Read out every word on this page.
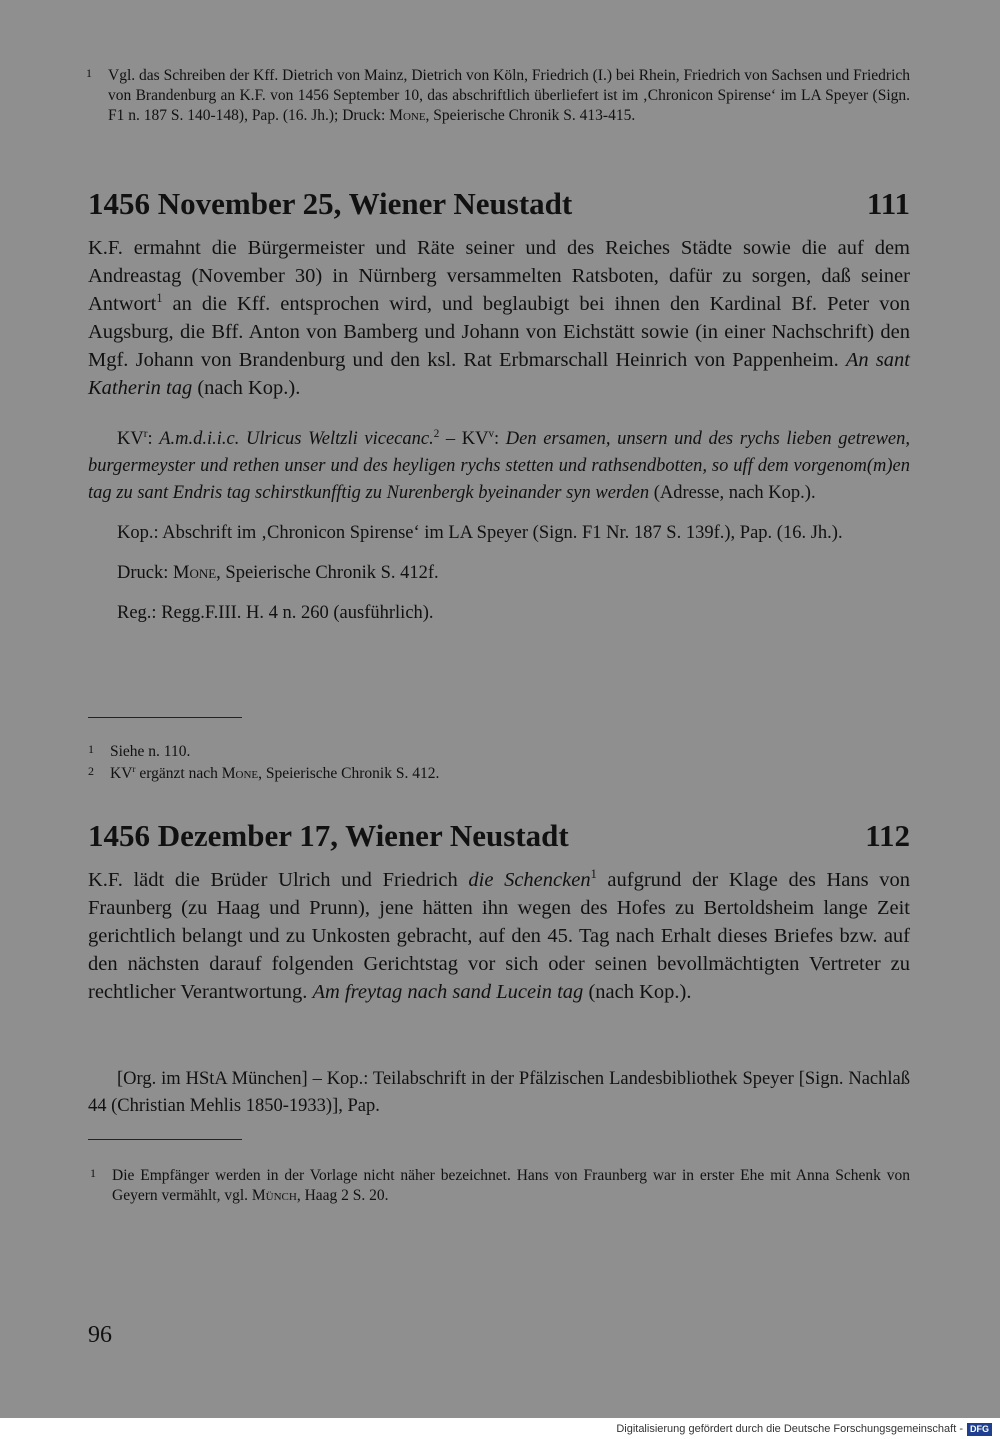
1 Vgl. das Schreiben der Kff. Dietrich von Mainz, Dietrich von Köln, Friedrich (I.) bei Rhein, Friedrich von Sachsen und Friedrich von Brandenburg an K.F. von 1456 September 10, das abschriftlich überliefert ist im ‚Chronicon Spirense‘ im LA Speyer (Sign. F1 n. 187 S. 140-148), Pap. (16. Jh.); Druck: Mone, Speierische Chronik S. 413-415.
1456 November 25, Wiener Neustadt	111
K.F. ermahnt die Bürgermeister und Räte seiner und des Reiches Städte sowie die auf dem Andreastag (November 30) in Nürnberg versammelten Ratsboten, dafür zu sorgen, daß seiner Antwort$^1$ an die Kff. entsprochen wird, und beglaubigt bei ihnen den Kardinal Bf. Peter von Augsburg, die Bff. Anton von Bamberg und Johann von Eichstätt sowie (in einer Nachschrift) den Mgf. Johann von Brandenburg und den ksl. Rat Erbmarschall Heinrich von Pappenheim. An sant Katherin tag (nach Kop.).

$KV^r$: A.m.d.i.i.c. Ulricus Weltzli vicecanc.$^2$ – $KV^v$: Den ersamen, unsern und des rychs lieben getrewen, burgermeyster und rethen unser und des heyligen rychs stetten und rathsendbotten, so uff dem vorgenom(m)en tag zu sant Endris tag schirstkunfftig zu Nurenbergk byeinander syn werden (Adresse, nach Kop.).

Kop.: Abschrift im ‚Chronicon Spirense‘ im LA Speyer (Sign. F1 Nr. 187 S. 139f.), Pap. (16. Jh.).

Druck: Mone, Speierische Chronik S. 412f.

Reg.: Regg.F.III. H. 4 n. 260 (ausführlich).

1 Siehe n. 110.
2 $KV^r$ ergänzt nach Mone, Speierische Chronik S. 412.
1456 Dezember 17, Wiener Neustadt	112
K.F. lädt die Brüder Ulrich und Friedrich die Schencken$^1$ aufgrund der Klage des Hans von Fraunberg (zu Haag und Prunn), jene hätten ihn wegen des Hofes zu Bertoldsheim lange Zeit gerichtlich belangt und zu Unkosten gebracht, auf den 45. Tag nach Erhalt dieses Briefes bzw. auf den nächsten darauf folgenden Gerichtstag vor sich oder seinen bevollmächtigten Vertreter zu rechtlicher Verantwortung. Am freytag nach sand Lucein tag (nach Kop.).

[Org. im HStA München] – Kop.: Teilabschrift in der Pfälzischen Landesbibliothek Speyer [Sign. Nachlaß 44 (Christian Mehlis 1850-1933)], Pap.

1 Die Empfänger werden in der Vorlage nicht näher bezeichnet. Hans von Fraunberg war in erster Ehe mit Anna Schenk von Geyern vermählt, vgl. Münch, Haag 2 S. 20.
96
Digitalisierung gefördert durch die Deutsche Forschungsgemeinschaft - DFG
